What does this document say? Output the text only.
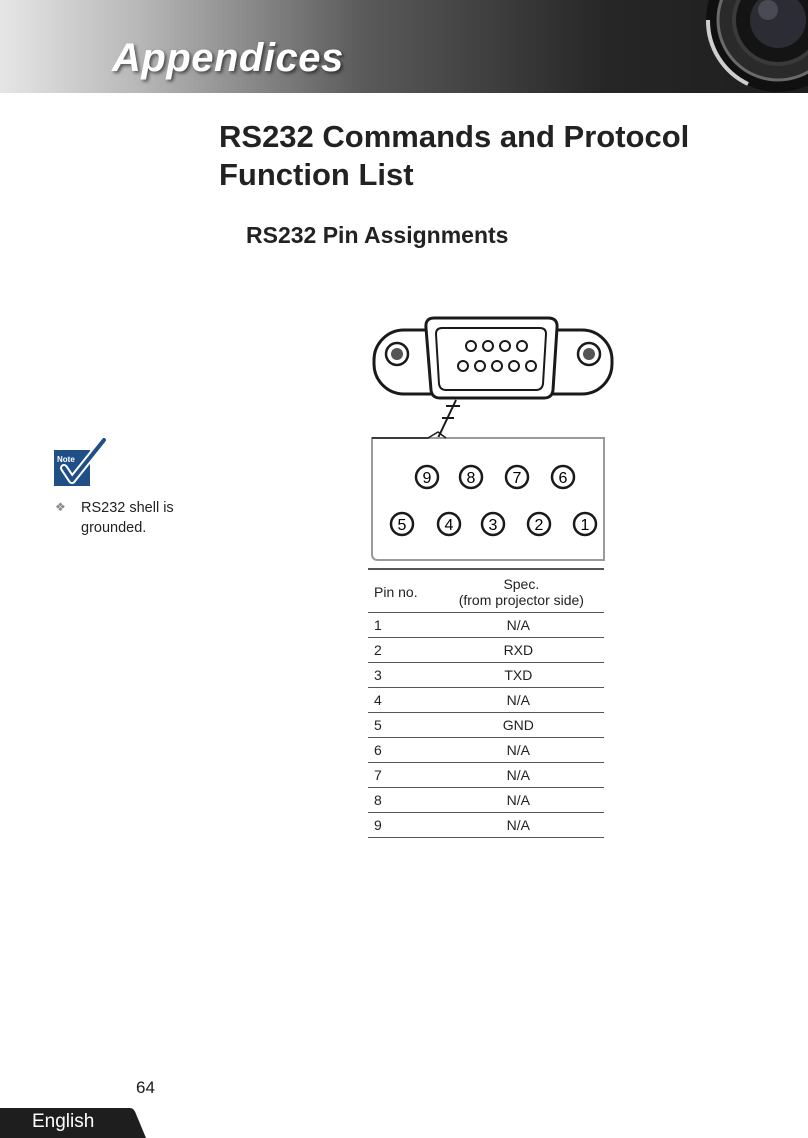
Appendices
RS232 Commands and Protocol Function List
RS232 Pin Assignments
Note
❖ RS232 shell is grounded.
9 8 7 6
5 4 3 2 1
Pin no.	Spec.
(from projector side)
1	N/A
2	RXD
3	TXD
4	N/A
5	GND
6	N/A
7	N/A
8	N/A
9	N/A
English
64
